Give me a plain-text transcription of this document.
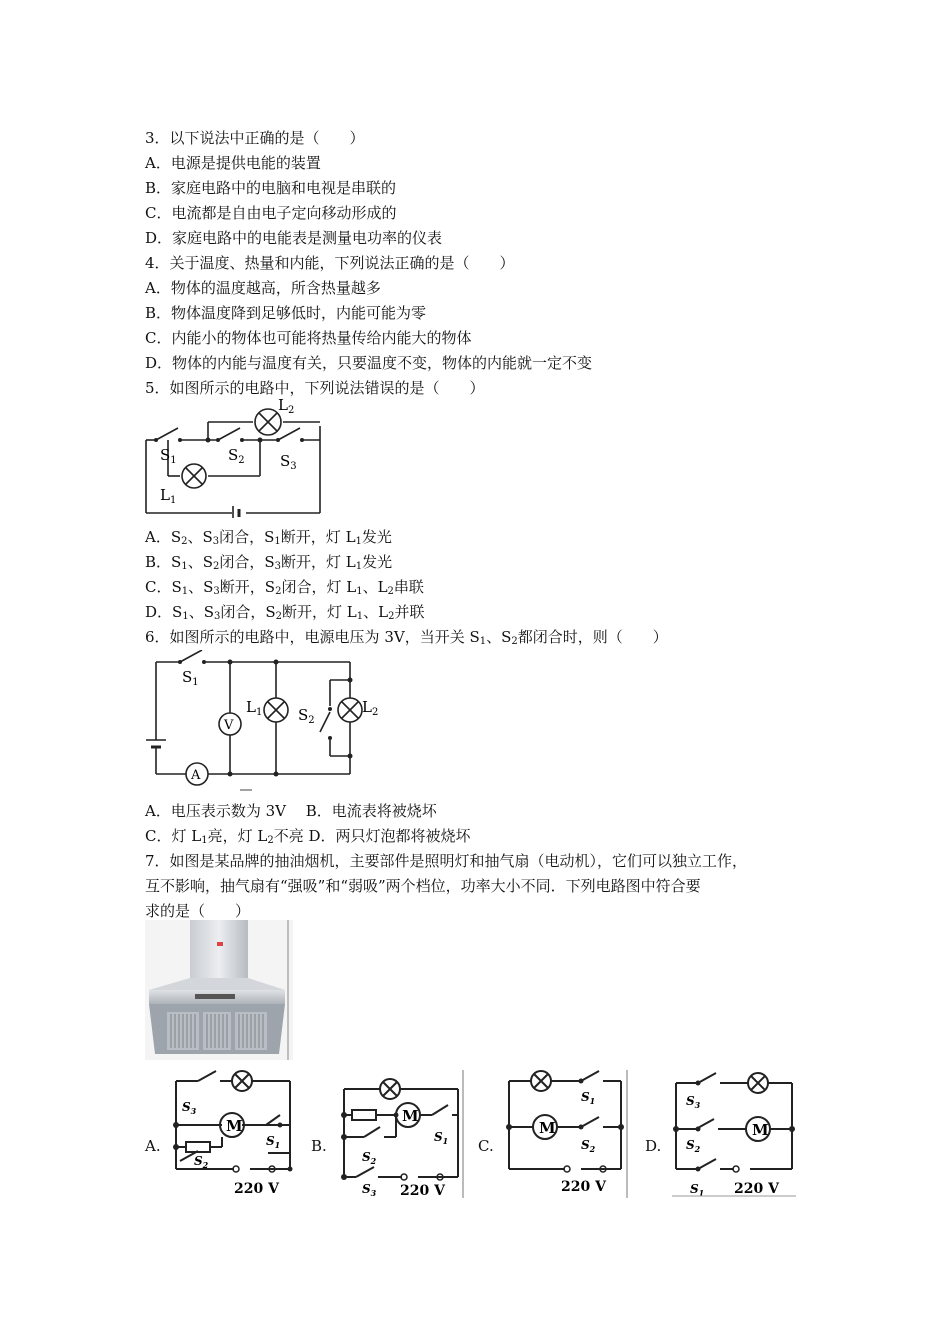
3．以下说法中正确的是（　　）
A．电源是提供电能的装置
B．家庭电路中的电脑和电视是串联的
C．电流都是自由电子定向移动形成的
D．家庭电路中的电能表是测量电功率的仪表
4．关于温度、热量和内能，下列说法正确的是（　　）
A．物体的温度越高，所含热量越多
B．物体温度降到足够低时，内能可能为零
C．内能小的物体也可能将热量传给内能大的物体
D．物体的内能与温度有关，只要温度不变，物体的内能就一定不变
5．如图所示的电路中，下列说法错误的是（　　）
$S_1$	$S_2$ $S_3$
$L_1$
$L_2$
A．$S_2$、$S_3$闭合，$S_1$断开，灯 $L_1$发光
B．$S_1$、$S_2$闭合，$S_3$断开，灯 $L_1$发光
C．$S_1$、$S_3$断开，$S_2$闭合，灯 $L_1$、$L_2$串联
D．$S_1$、$S_3$闭合，$S_2$断开，灯 $L_1$、$L_2$并联
6．如图所示的电路中，电源电压为 3V，当开关 $S_1$、$S_2$都闭合时，则（　　）
V
A
$S_1$
$L_1$ $S_2$
$L_2$
A．电压表示数为 3V　 B．电流表将被烧坏
C．灯 $L_1$亮，灯 $L_2$不亮 D．两只灯泡都将被烧坏
7．如图是某品牌的抽油烟机，主要部件是照明灯和抽气扇（电动机），它们可以独立工作，
互不影响，抽气扇有“强吸”和“弱吸”两个档位，功率大小不同．下列电路图中符合要
求的是（　　）
A.	B.	C.	D.
M
$S_3$
$S_1$
$S_2$
220 V
M
$S_1$
$S_2$
$S_3$ 220 V
M
$S_1$
$S_2$
220 V
M
$S_3$
$S_2$
$S_1$ 220 V
